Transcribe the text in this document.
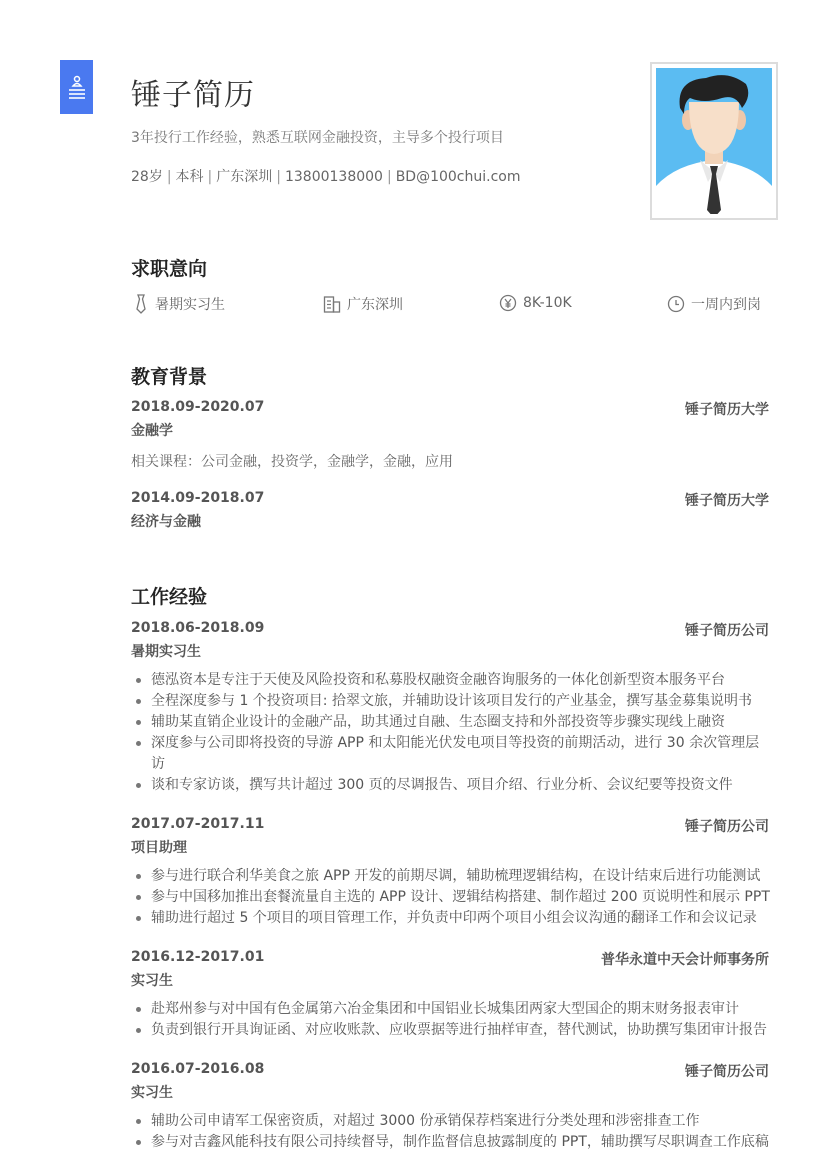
锤子简历
3年投行工作经验，熟悉互联网金融投资，主导多个投行项目
28岁 | 本科 | 广东深圳 | 13800138000 | BD@100chui.com
求职意向
暑期实习生	广东深圳	8K-10K	一周内到岗
教育背景
2018.09-2020.07	锤子简历大学
金融学
相关课程：公司金融，投资学，金融学，金融，应用
2014.09-2018.07	锤子简历大学
经济与金融
工作经验
2018.06-2018.09	锤子简历公司
暑期实习生
德泓资本是专注于天使及风险投资和私募股权融资金融咨询服务的一体化创新型资本服务平台
全程深度参与 1 个投资项目: 拾翠文旅，并辅助设计该项目发行的产业基金，撰写基金募集说明书
辅助某直销企业设计的金融产品，助其通过自融、生态圈支持和外部投资等步骤实现线上融资
深度参与公司即将投资的导游 APP 和太阳能光伏发电项目等投资的前期活动，进行 30 余次管理层访
谈和专家访谈，撰写共计超过 300 页的尽调报告、项目介绍、行业分析、会议纪要等投资文件
2017.07-2017.11	锤子简历公司
项目助理
参与进行联合利华美食之旅 APP 开发的前期尽调，辅助梳理逻辑结构，在设计结束后进行功能测试
参与中国移加推出套餐流量自主选的 APP 设计、逻辑结构搭建、制作超过 200 页说明性和展示 PPT
辅助进行超过 5 个项目的项目管理工作，并负责中印两个项目小组会议沟通的翻译工作和会议记录
2016.12-2017.01	普华永道中天会计师事务所
实习生
赴郑州参与对中国有色金属第六冶金集团和中国铝业长城集团两家大型国企的期末财务报表审计
负责到银行开具询证函、对应收账款、应收票据等进行抽样审查，替代测试，协助撰写集团审计报告
2016.07-2016.08	锤子简历公司
实习生
辅助公司申请军工保密资质，对超过 3000 份承销保荐档案进行分类处理和涉密排查工作
参与对吉鑫风能科技有限公司持续督导，制作监督信息披露制度的 PPT，辅助撰写尽职调查工作底稿
